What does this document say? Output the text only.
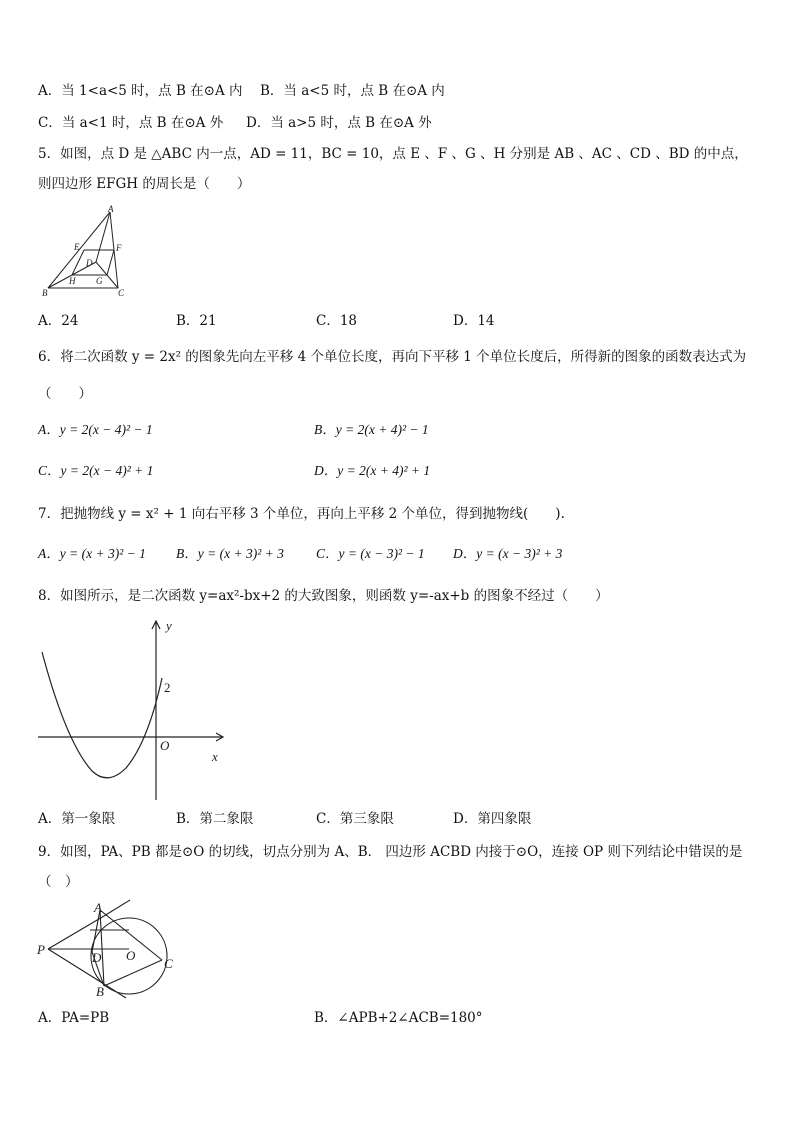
A．当 1<a<5 时，点 B 在⊙A 内 B．当 a<5 时，点 B 在⊙A 内
C．当 a<1 时，点 B 在⊙A 外 D．当 a>5 时，点 B 在⊙A 外
5．如图，点 D 是 △ABC 内一点，AD = 11，BC = 10，点 E 、F 、G 、H 分别是 AB 、AC 、CD 、BD 的中点，
则四边形 EFGH 的周长是（　　）
A
B	C
D
E	F
G
H
A．24	B．21	C．18	D．14
6．将二次函数 y = 2x² 的图象先向左平移 4 个单位长度，再向下平移 1 个单位长度后，所得新的图象的函数表达式为
（　　）
A．y = 2(x − 4)² − 1	B．y = 2(x + 4)² − 1
C．y = 2(x − 4)² + 1	D．y = 2(x + 4)² + 1
7．把抛物线 y = x² + 1 向右平移 3 个单位，再向上平移 2 个单位，得到抛物线(　　).
A．y = (x + 3)² − 1 B．y = (x + 3)² + 3 C．y = (x − 3)² − 1 D．y = (x − 3)² + 3
8．如图所示，是二次函数 y=ax²-bx+2 的大致图象，则函数 y=-ax+b 的图象不经过（　　）
y
x
O
2
A．第一象限	B．第二象限	C．第三象限	D．第四象限
9．如图，PA、PB 都是⊙O 的切线，切点分别为 A、B． 四边形 ACBD 内接于⊙O，连接 OP 则下列结论中错误的是
（　）
A
B
C
D O
P
A．PA=PB	B．∠APB+2∠ACB=180°
